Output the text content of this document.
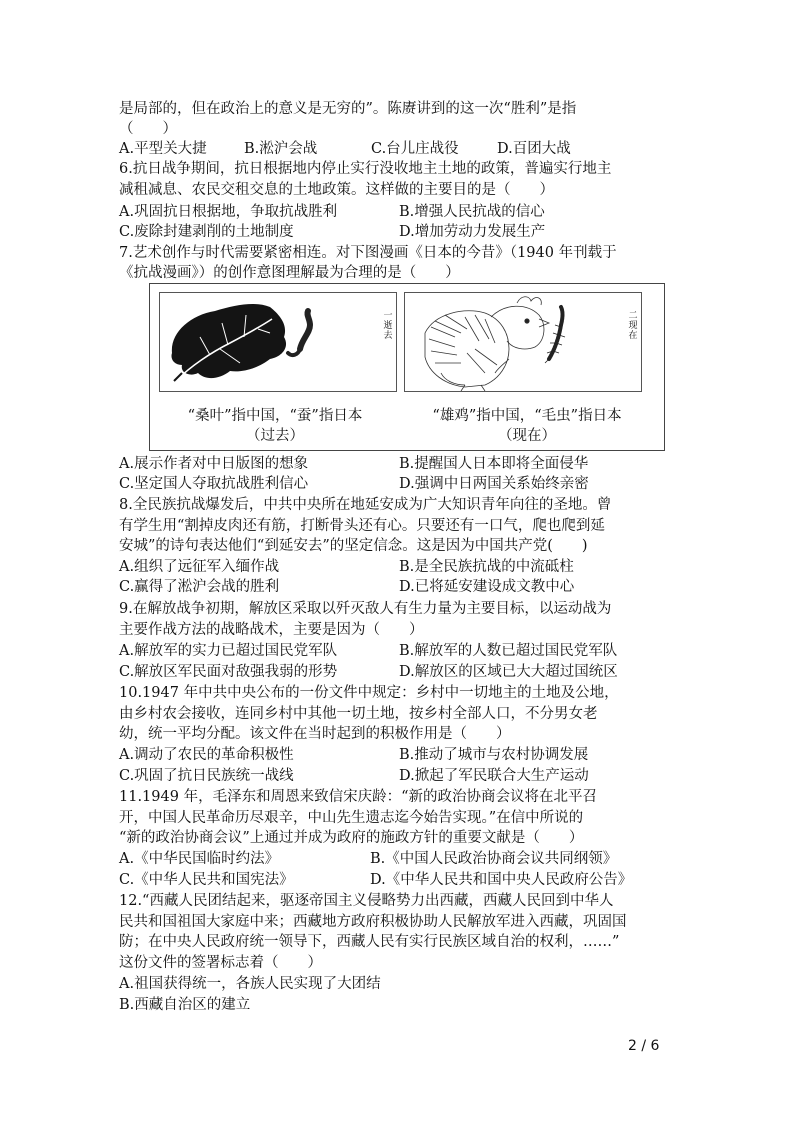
是局部的，但在政治上的意义是无穷的”。陈赓讲到的这一次“胜利”是指
（　　）
A.平型关大捷	B.淞沪会战	C.台儿庄战役	D.百团大战
6.抗日战争期间，抗日根据地内停止实行没收地主土地的政策，普遍实行地主
减租减息、农民交租交息的土地政策。这样做的主要目的是（　　）
A.巩固抗日根据地，争取抗战胜利	B.增强人民抗战的信心
C.废除封建剥削的土地制度	D.增加劳动力发展生产
7.艺术创作与时代需要紧密相连。对下图漫画《日本的今昔》（1940 年刊载于
《抗战漫画》）的创作意图理解最为合理的是（　　）
一
逝
去
二
现
在
“桑叶”指中国，“蚕”指日本
（过去）
“雄鸡”指中国，“毛虫”指日本
（现在）
A.展示作者对中日版图的想象	B.提醒国人日本即将全面侵华
C.坚定国人夺取抗战胜利信心	D.强调中日两国关系始终亲密
8.全民族抗战爆发后，中共中央所在地延安成为广大知识青年向往的圣地。曾
有学生用“割掉皮肉还有筋，打断骨头还有心。只要还有一口气，爬也爬到延
安城”的诗句表达他们“到延安去”的坚定信念。这是因为中国共产党(　　)
A.组织了远征军入缅作战	B.是全民族抗战的中流砥柱
C.赢得了淞沪会战的胜利	D.已将延安建设成文教中心
9.在解放战争初期，解放区采取以歼灭敌人有生力量为主要目标，以运动战为
主要作战方法的战略战术，主要是因为（　　）
A.解放军的实力已超过国民党军队	B.解放军的人数已超过国民党军队
C.解放区军民面对敌强我弱的形势	D.解放区的区域已大大超过国统区
10.1947 年中共中央公布的一份文件中规定：乡村中一切地主的土地及公地，
由乡村农会接收，连同乡村中其他一切土地，按乡村全部人口，不分男女老
幼，统一平均分配。该文件在当时起到的积极作用是（　　）
A.调动了农民的革命积极性	B.推动了城市与农村协调发展
C.巩固了抗日民族统一战线	D.掀起了军民联合大生产运动
11.1949 年，毛泽东和周恩来致信宋庆龄：“新的政治协商会议将在北平召
开，中国人民革命历尽艰辛，中山先生遗志迄今始告实现。”在信中所说的
“新的政治协商会议”上通过并成为政府的施政方针的重要文献是（　　）
A.《中华民国临时约法》	B.《中国人民政治协商会议共同纲领》
C.《中华人民共和国宪法》	D.《中华人民共和国中央人民政府公告》
12.“西藏人民团结起来，驱逐帝国主义侵略势力出西藏，西藏人民回到中华人
民共和国祖国大家庭中来；西藏地方政府积极协助人民解放军进入西藏，巩固国
防；在中央人民政府统一领导下，西藏人民有实行民族区域自治的权利，……”
这份文件的签署标志着（　　）
A.祖国获得统一，各族人民实现了大团结
B.西藏自治区的建立
2 / 6
